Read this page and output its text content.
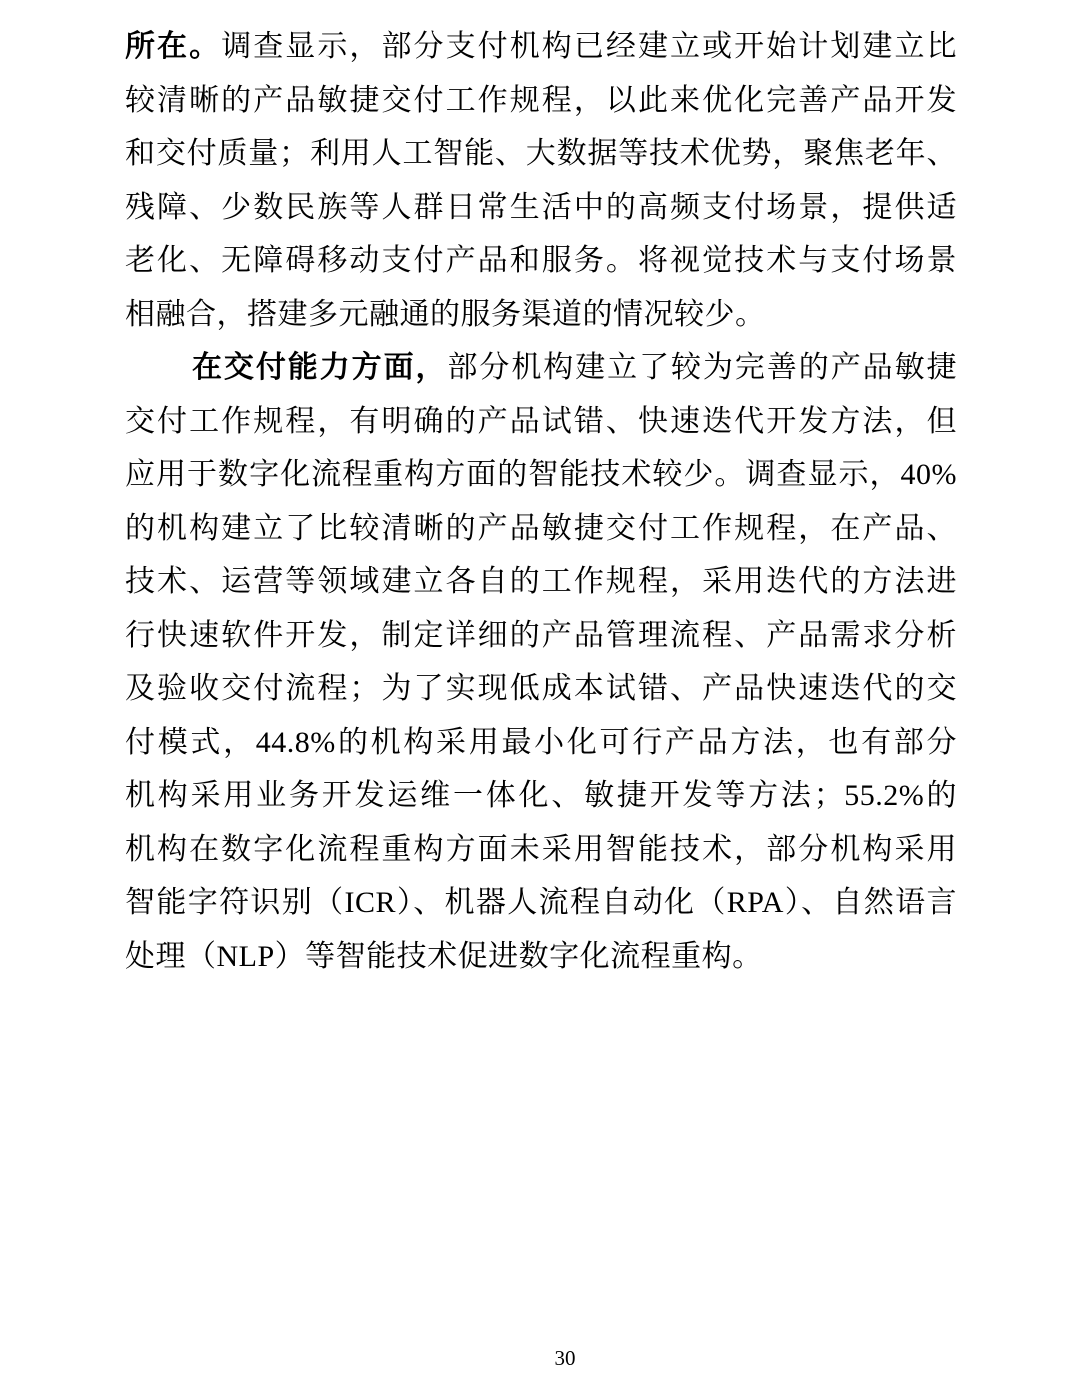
所在。调查显示，部分支付机构已经建立或开始计划建立比
较清晰的产品敏捷交付工作规程，以此来优化完善产品开发
和交付质量；利用人工智能、大数据等技术优势，聚焦老年、
残障、少数民族等人群日常生活中的高频支付场景，提供适
老化、无障碍移动支付产品和服务。将视觉技术与支付场景
相融合，搭建多元融通的服务渠道的情况较少。
在交付能力方面，部分机构建立了较为完善的产品敏捷
交付工作规程，有明确的产品试错、快速迭代开发方法，但
应用于数字化流程重构方面的智能技术较少。调查显示，40%
的机构建立了比较清晰的产品敏捷交付工作规程，在产品、
技术、运营等领域建立各自的工作规程，采用迭代的方法进
行快速软件开发，制定详细的产品管理流程、产品需求分析
及验收交付流程；为了实现低成本试错、产品快速迭代的交
付模式，44.8%的机构采用最小化可行产品方法，也有部分
机构采用业务开发运维一体化、敏捷开发等方法；55.2%的
机构在数字化流程重构方面未采用智能技术，部分机构采用
智能字符识别（ICR）、机器人流程自动化（RPA）、自然语言
处理（NLP）等智能技术促进数字化流程重构。
30
